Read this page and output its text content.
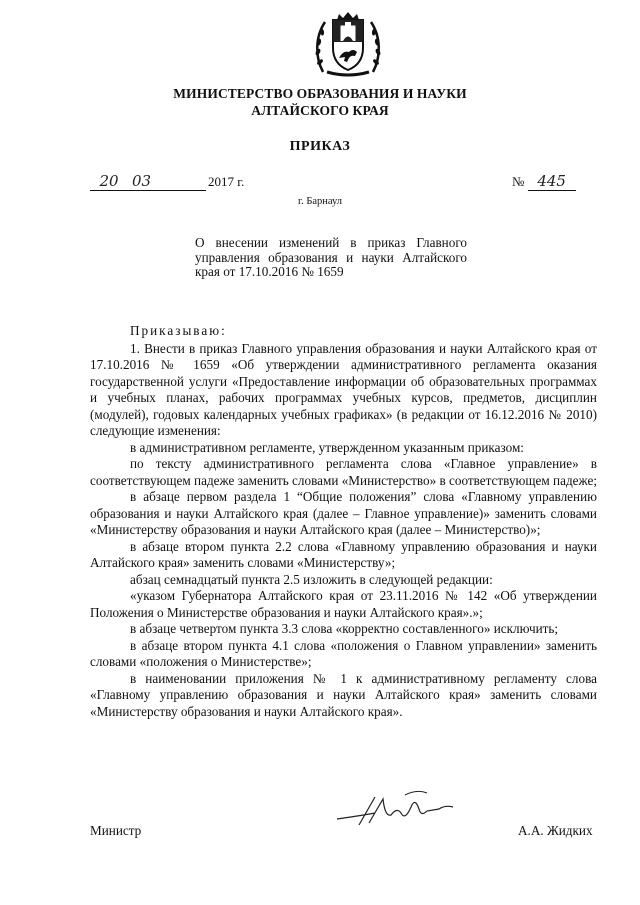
МИНИСТЕРСТВО ОБРАЗОВАНИЯ И НАУКИ
АЛТАЙСКОГО КРАЯ
ПРИКАЗ
20 03	2017 г.	№ 445
г. Барнаул
О внесении изменений в приказ Главного управления образования и науки Алтайского края от 17.10.2016 № 1659

Приказываю:

1. Внести в приказ Главного управления образования и науки Алтайского края от 17.10.2016 № 1659 «Об утверждении административного регламента оказания государственной услуги «Предоставление информации об образовательных программах и учебных планах, рабочих программах учебных курсов, предметов, дисциплин (модулей), годовых календарных учебных графиках» (в редакции от 16.12.2016 № 2010) следующие изменения:

в административном регламенте, утвержденном указанным приказом:

по тексту административного регламента слова «Главное управление» в соответствующем падеже заменить словами «Министерство» в соответствующем падеже;

в абзаце первом раздела 1 “Общие положения” слова «Главному управлению образования и науки Алтайского края (далее – Главное управление)» заменить словами «Министерству образования и науки Алтайского края (далее – Министерство)»;

в абзаце втором пункта 2.2 слова «Главному управлению образования и науки Алтайского края» заменить словами «Министерству»;

абзац семнадцатый пункта 2.5 изложить в следующей редакции:

«указом Губернатора Алтайского края от 23.11.2016 № 142 «Об утверждении Положения о Министерстве образования и науки Алтайского края».»;

в абзаце четвертом пункта 3.3 слова «корректно составленного» исключить;

в абзаце втором пункта 4.1 слова «положения о Главном управлении» заменить словами «положения о Министерстве»;

в наименовании приложения № 1 к административному регламенту слова «Главному управлению образования и науки Алтайского края» заменить словами «Министерству образования и науки Алтайского края».

Министр	А.А. Жидких
